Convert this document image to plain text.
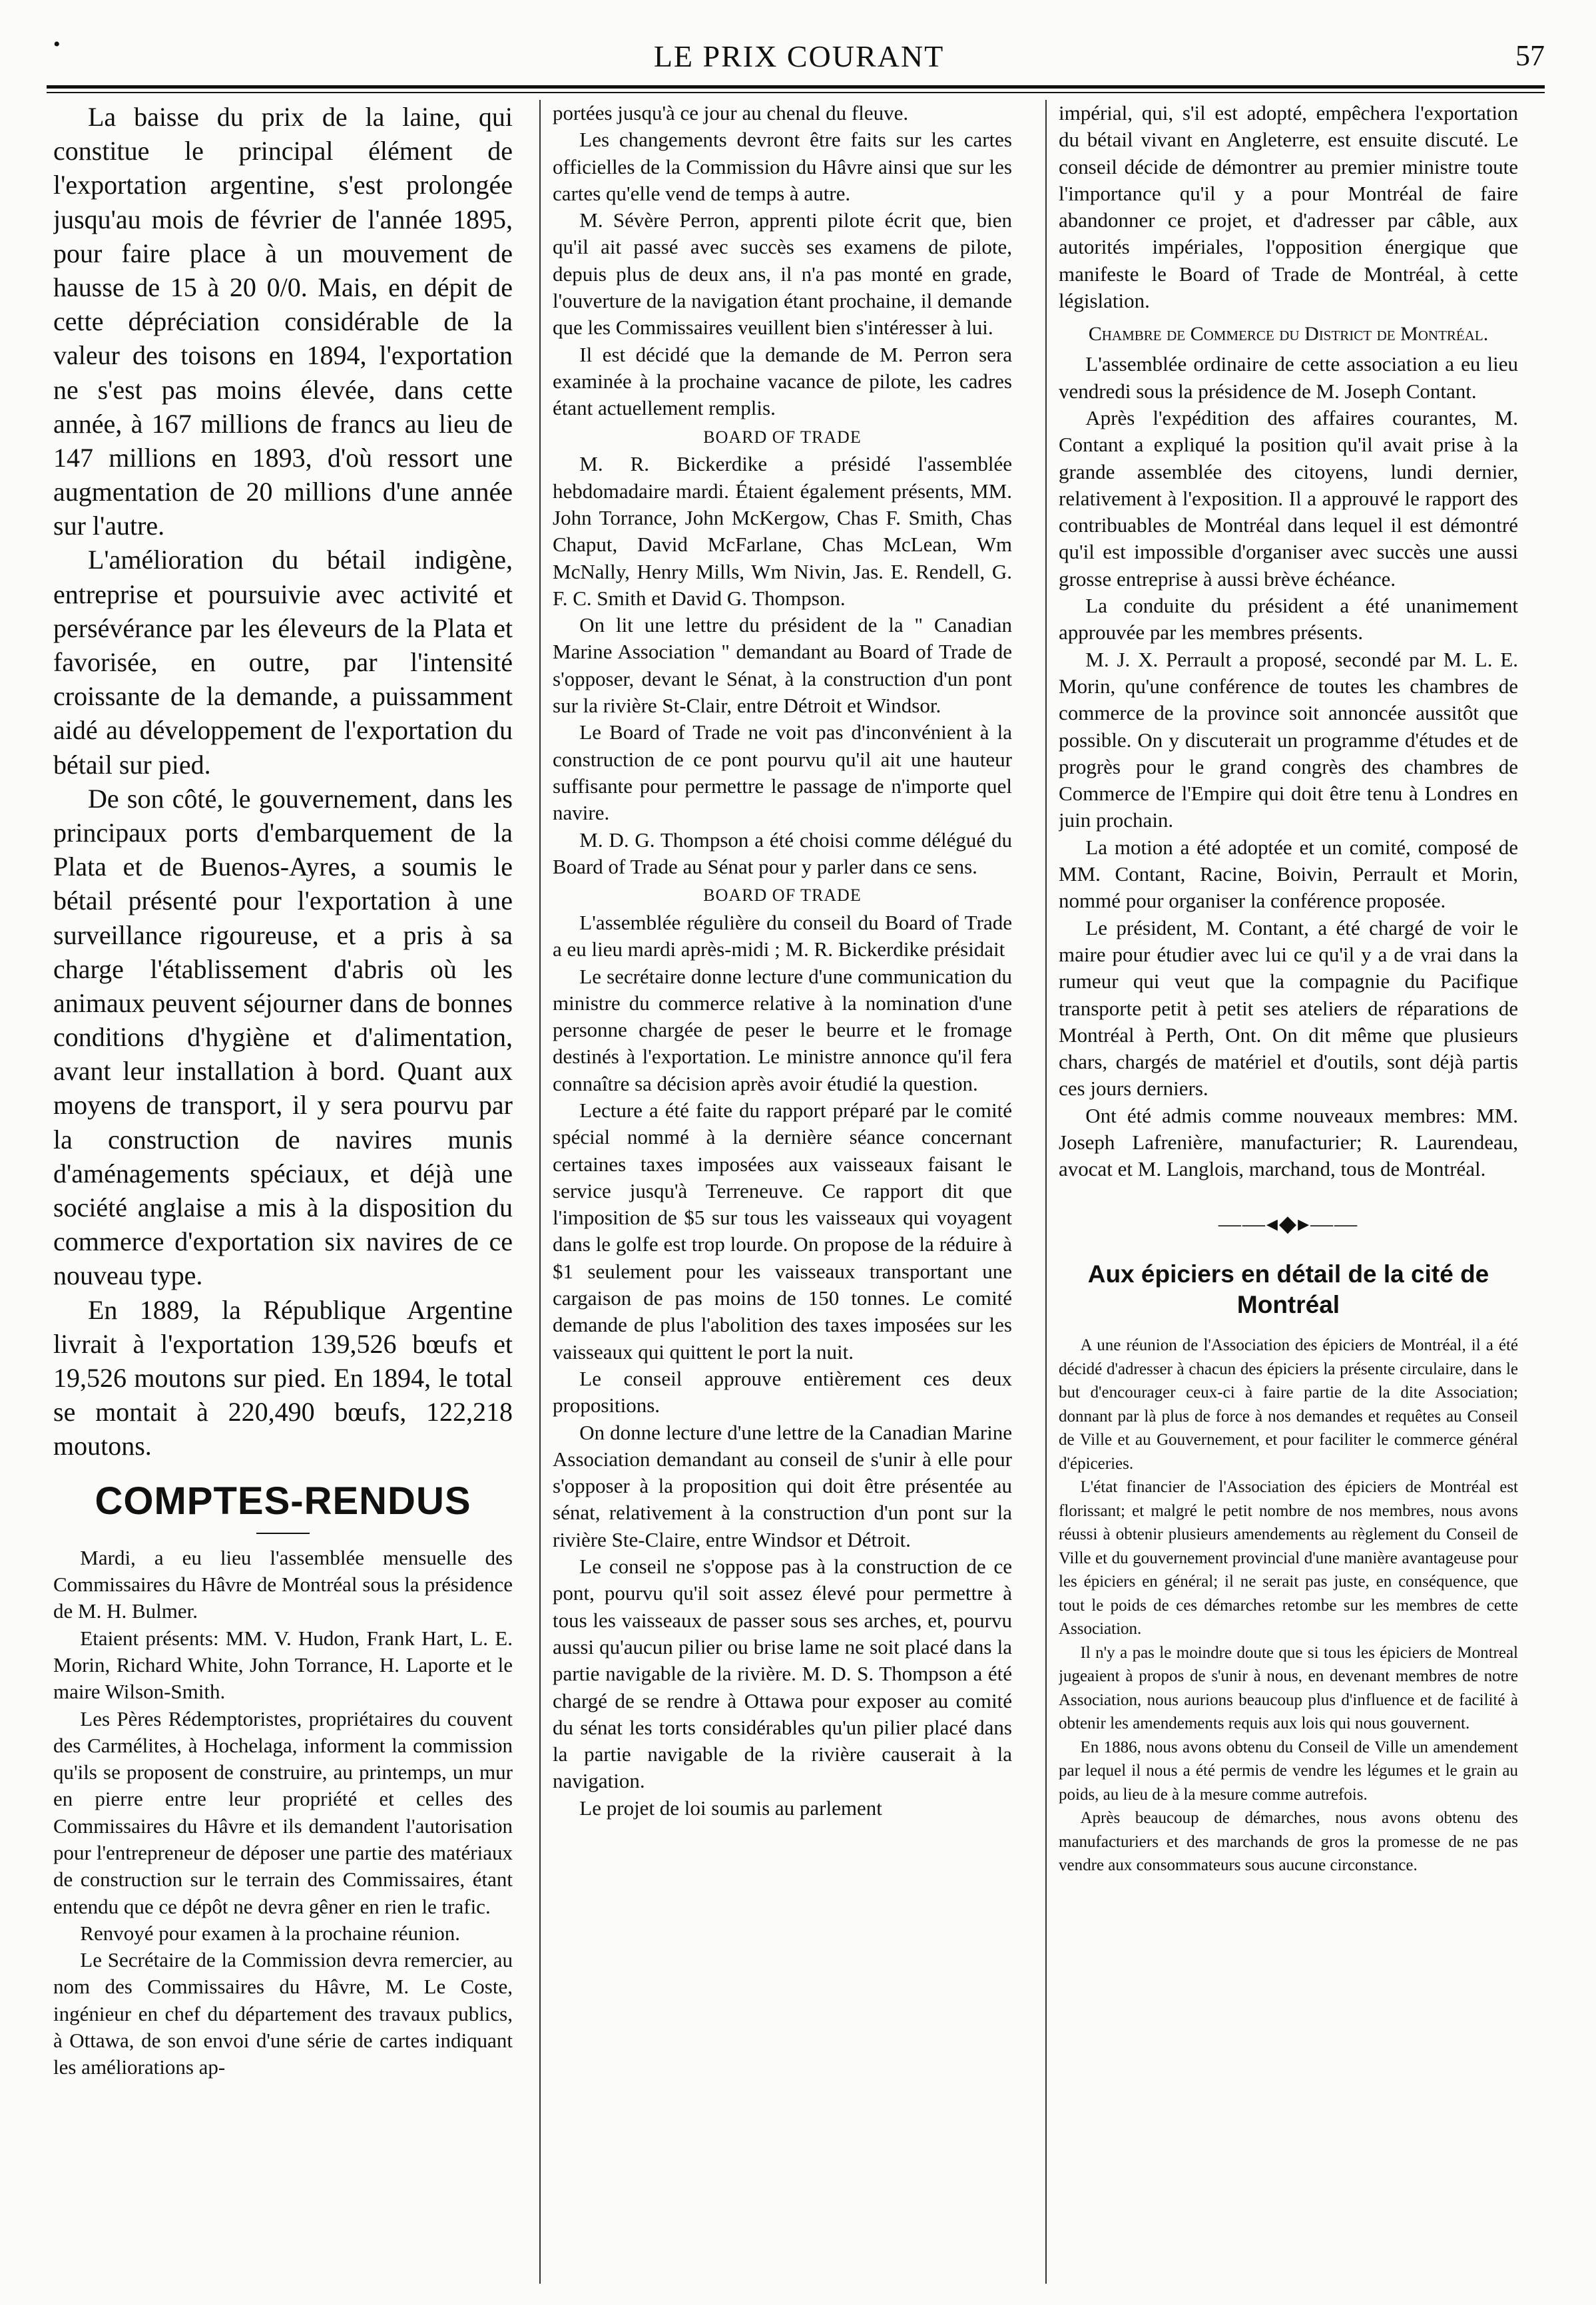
•	LE PRIX COURANT	57

La baisse du prix de la laine, qui constitue le principal élément de l'exportation argentine, s'est prolongée jusqu'au mois de février de l'année 1895, pour faire place à un mouvement de hausse de 15 à 20 0/0. Mais, en dépit de cette dépréciation considérable de la valeur des toisons en 1894, l'exportation ne s'est pas moins élevée, dans cette année, à 167 millions de francs au lieu de 147 millions en 1893, d'où ressort une augmentation de 20 millions d'une année sur l'autre.

L'amélioration du bétail indigène, entreprise et poursuivie avec activité et persévérance par les éleveurs de la Plata et favorisée, en outre, par l'intensité croissante de la demande, a puissamment aidé au développement de l'exportation du bétail sur pied.

De son côté, le gouvernement, dans les principaux ports d'embarquement de la Plata et de Buenos-Ayres, a soumis le bétail présenté pour l'exportation à une surveillance rigoureuse, et a pris à sa charge l'établissement d'abris où les animaux peuvent séjourner dans de bonnes conditions d'hygiène et d'alimentation, avant leur installation à bord. Quant aux moyens de transport, il y sera pourvu par la construction de navires munis d'aménagements spéciaux, et déjà une société anglaise a mis à la disposition du commerce d'exportation six navires de ce nouveau type.

En 1889, la République Argentine livrait à l'exportation 139,526 bœufs et 19,526 moutons sur pied. En 1894, le total se montait à 220,490 bœufs, 122,218 moutons.

COMPTES-RENDUS

Mardi, a eu lieu l'assemblée mensuelle des Commissaires du Hâvre de Montréal sous la présidence de M. H. Bulmer.

Etaient présents: MM. V. Hudon, Frank Hart, L. E. Morin, Richard White, John Torrance, H. Laporte et le maire Wilson-Smith.

Les Pères Rédemptoristes, propriétaires du couvent des Carmélites, à Hochelaga, informent la commission qu'ils se proposent de construire, au printemps, un mur en pierre entre leur propriété et celles des Commissaires du Hâvre et ils demandent l'autorisation pour l'entrepreneur de déposer une partie des matériaux de construction sur le terrain des Commissaires, étant entendu que ce dépôt ne devra gêner en rien le trafic.

Renvoyé pour examen à la prochaine réunion.

Le Secrétaire de la Commission devra remercier, au nom des Commissaires du Hâvre, M. Le Coste, ingénieur en chef du département des travaux publics, à Ottawa, de son envoi d'une série de cartes indiquant les améliorations ap-

portées jusqu'à ce jour au chenal du fleuve.

Les changements devront être faits sur les cartes officielles de la Commission du Hâvre ainsi que sur les cartes qu'elle vend de temps à autre.

M. Sévère Perron, apprenti pilote écrit que, bien qu'il ait passé avec succès ses examens de pilote, depuis plus de deux ans, il n'a pas monté en grade, l'ouverture de la navigation étant prochaine, il demande que les Commissaires veuillent bien s'intéresser à lui.

Il est décidé que la demande de M. Perron sera examinée à la prochaine vacance de pilote, les cadres étant actuellement remplis.

BOARD OF TRADE

M. R. Bickerdike a présidé l'assemblée hebdomadaire mardi. Étaient également présents, MM. John Torrance, John McKergow, Chas F. Smith, Chas Chaput, David McFarlane, Chas McLean, Wm McNally, Henry Mills, Wm Nivin, Jas. E. Rendell, G. F. C. Smith et David G. Thompson.

On lit une lettre du président de la " Canadian Marine Association " demandant au Board of Trade de s'opposer, devant le Sénat, à la construction d'un pont sur la rivière St-Clair, entre Détroit et Windsor.

Le Board of Trade ne voit pas d'inconvénient à la construction de ce pont pourvu qu'il ait une hauteur suffisante pour permettre le passage de n'importe quel navire.

M. D. G. Thompson a été choisi comme délégué du Board of Trade au Sénat pour y parler dans ce sens.

BOARD OF TRADE

L'assemblée régulière du conseil du Board of Trade a eu lieu mardi après-midi ; M. R. Bickerdike présidait

Le secrétaire donne lecture d'une communication du ministre du commerce relative à la nomination d'une personne chargée de peser le beurre et le fromage destinés à l'exportation. Le ministre annonce qu'il fera connaître sa décision après avoir étudié la question.

Lecture a été faite du rapport préparé par le comité spécial nommé à la dernière séance concernant certaines taxes imposées aux vaisseaux faisant le service jusqu'à Terreneuve. Ce rapport dit que l'imposition de $5 sur tous les vaisseaux qui voyagent dans le golfe est trop lourde. On propose de la réduire à $1 seulement pour les vaisseaux transportant une cargaison de pas moins de 150 tonnes. Le comité demande de plus l'abolition des taxes imposées sur les vaisseaux qui quittent le port la nuit.

Le conseil approuve entièrement ces deux propositions.

On donne lecture d'une lettre de la Canadian Marine Association demandant au conseil de s'unir à elle pour s'opposer à la proposition qui doit être présentée au sénat, relativement à la construction d'un pont sur la rivière Ste-Claire, entre Windsor et Détroit.

Le conseil ne s'oppose pas à la construction de ce pont, pourvu qu'il soit assez élevé pour permettre à tous les vaisseaux de passer sous ses arches, et, pourvu aussi qu'aucun pilier ou brise lame ne soit placé dans la partie navigable de la rivière. M. D. S. Thompson a été chargé de se rendre à Ottawa pour exposer au comité du sénat les torts considérables qu'un pilier placé dans la partie navigable de la rivière causerait à la navigation.

Le projet de loi soumis au parlement

impérial, qui, s'il est adopté, empêchera l'exportation du bétail vivant en Angleterre, est ensuite discuté. Le conseil décide de démontrer au premier ministre toute l'importance qu'il y a pour Montréal de faire abandonner ce projet, et d'adresser par câble, aux autorités impériales, l'opposition énergique que manifeste le Board of Trade de Montréal, à cette législation.

Chambre de Commerce du District de Montréal.

L'assemblée ordinaire de cette association a eu lieu vendredi sous la présidence de M. Joseph Contant.

Après l'expédition des affaires courantes, M. Contant a expliqué la position qu'il avait prise à la grande assemblée des citoyens, lundi dernier, relativement à l'exposition. Il a approuvé le rapport des contribuables de Montréal dans lequel il est démontré qu'il est impossible d'organiser avec succès une aussi grosse entreprise à aussi brève échéance.

La conduite du président a été unanimement approuvée par les membres présents.

M. J. X. Perrault a proposé, secondé par M. L. E. Morin, qu'une conférence de toutes les chambres de commerce de la province soit annoncée aussitôt que possible. On y discuterait un programme d'études et de progrès pour le grand congrès des chambres de Commerce de l'Empire qui doit être tenu à Londres en juin prochain.

La motion a été adoptée et un comité, composé de MM. Contant, Racine, Boivin, Perrault et Morin, nommé pour organiser la conférence proposée.

Le président, M. Contant, a été chargé de voir le maire pour étudier avec lui ce qu'il y a de vrai dans la rumeur qui veut que la compagnie du Pacifique transporte petit à petit ses ateliers de réparations de Montréal à Perth, Ont. On dit même que plusieurs chars, chargés de matériel et d'outils, sont déjà partis ces jours derniers.

Ont été admis comme nouveaux membres: MM. Joseph Lafrenière, manufacturier; R. Laurendeau, avocat et M. Langlois, marchand, tous de Montréal.

——◂◆▸——
Aux épiciers en détail de la cité de Montréal

A une réunion de l'Association des épiciers de Montréal, il a été décidé d'adresser à chacun des épiciers la présente circulaire, dans le but d'encourager ceux-ci à faire partie de la dite Association; donnant par là plus de force à nos demandes et requêtes au Conseil de Ville et au Gouvernement, et pour faciliter le commerce général d'épiceries.

L'état financier de l'Association des épiciers de Montréal est florissant; et malgré le petit nombre de nos membres, nous avons réussi à obtenir plusieurs amendements au règlement du Conseil de Ville et du gouvernement provincial d'une manière avantageuse pour les épiciers en général; il ne serait pas juste, en conséquence, que tout le poids de ces démarches retombe sur les membres de cette Association.

Il n'y a pas le moindre doute que si tous les épiciers de Montreal jugeaient à propos de s'unir à nous, en devenant membres de notre Association, nous aurions beaucoup plus d'influence et de facilité à obtenir les amendements requis aux lois qui nous gouvernent.

En 1886, nous avons obtenu du Conseil de Ville un amendement par lequel il nous a été permis de vendre les légumes et le grain au poids, au lieu de à la mesure comme autrefois.

Après beaucoup de démarches, nous avons obtenu des manufacturiers et des marchands de gros la promesse de ne pas vendre aux consommateurs sous aucune circonstance.
